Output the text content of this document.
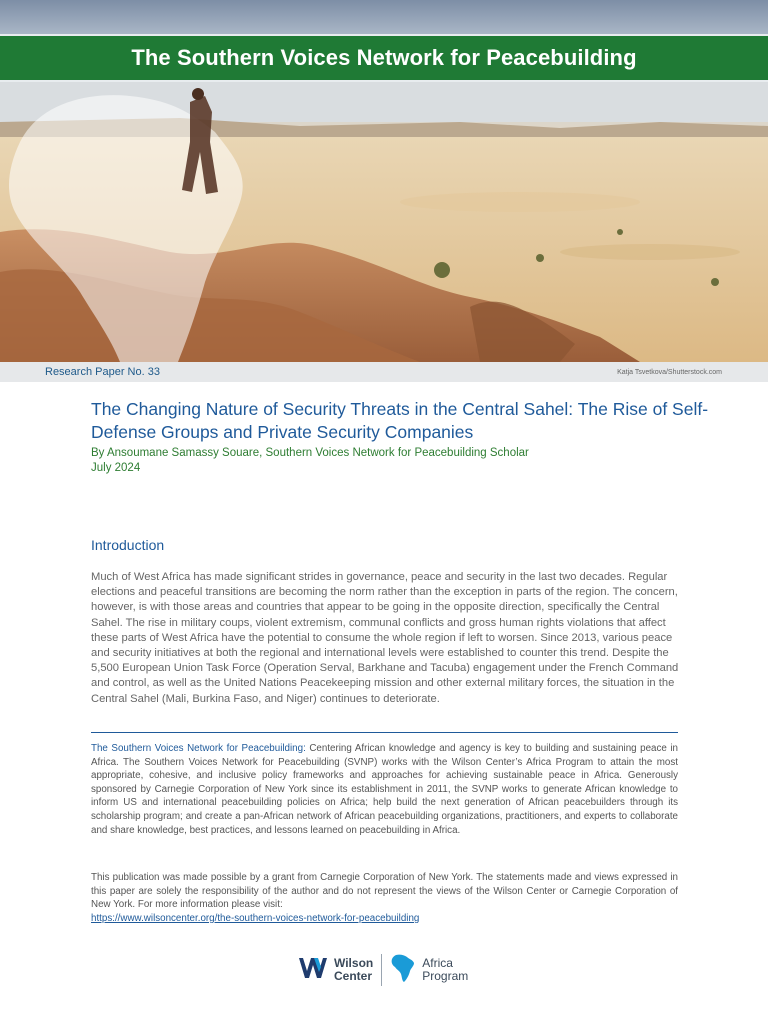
The Southern Voices Network for Peacebuilding
Research Paper No. 33	Katja Tsvetkova/Shutterstock.com
The Changing Nature of Security Threats in the Central Sahel: The Rise of Self-Defense Groups and Private Security Companies
By Ansoumane Samassy Souare, Southern Voices Network for Peacebuilding Scholar
July 2024
Introduction

Much of West Africa has made significant strides in governance, peace and security in the last two decades. Regular elections and peaceful transitions are becoming the norm rather than the exception in parts of the region. The concern, however, is with those areas and countries that appear to be going in the opposite direction, specifically the Central Sahel. The rise in military coups, violent extremism, communal conflicts and gross human rights violations that affect these parts of West Africa have the potential to consume the whole region if left to worsen. Since 2013, various peace and security initiatives at both the regional and international levels were established to counter this trend. Despite the 5,500 European Union Task Force (Operation Serval, Barkhane and Tacuba) engagement under the French Command and control, as well as the United Nations Peacekeeping mission and other external military forces, the situation in the Central Sahel (Mali, Burkina Faso, and Niger) continues to deteriorate.

The Southern Voices Network for Peacebuilding: Centering African knowledge and agency is key to building and sustaining peace in Africa. The Southern Voices Network for Peacebuilding (SVNP) works with the Wilson Center’s Africa Program to attain the most appropriate, cohesive, and inclusive policy frameworks and approaches for achieving sustainable peace in Africa. Generously sponsored by Carnegie Corporation of New York since its establishment in 2011, the SVNP works to generate African knowledge to inform US and international peacebuilding policies on Africa; help build the next generation of African peacebuilders through its scholarship program; and create a pan-African network of African peacebuilding organizations, practitioners, and experts to collaborate and share knowledge, best practices, and lessons learned on peacebuilding in Africa.

This publication was made possible by a grant from Carnegie Corporation of New York. The statements made and views expressed in this paper are solely the responsibility of the author and do not represent the views of the Wilson Center or Carnegie Corporation of New York. For more information please visit:
https://www.wilsoncenter.org/the-southern-voices-network-for-peacebuilding
Wilson
Center
Africa
Program
